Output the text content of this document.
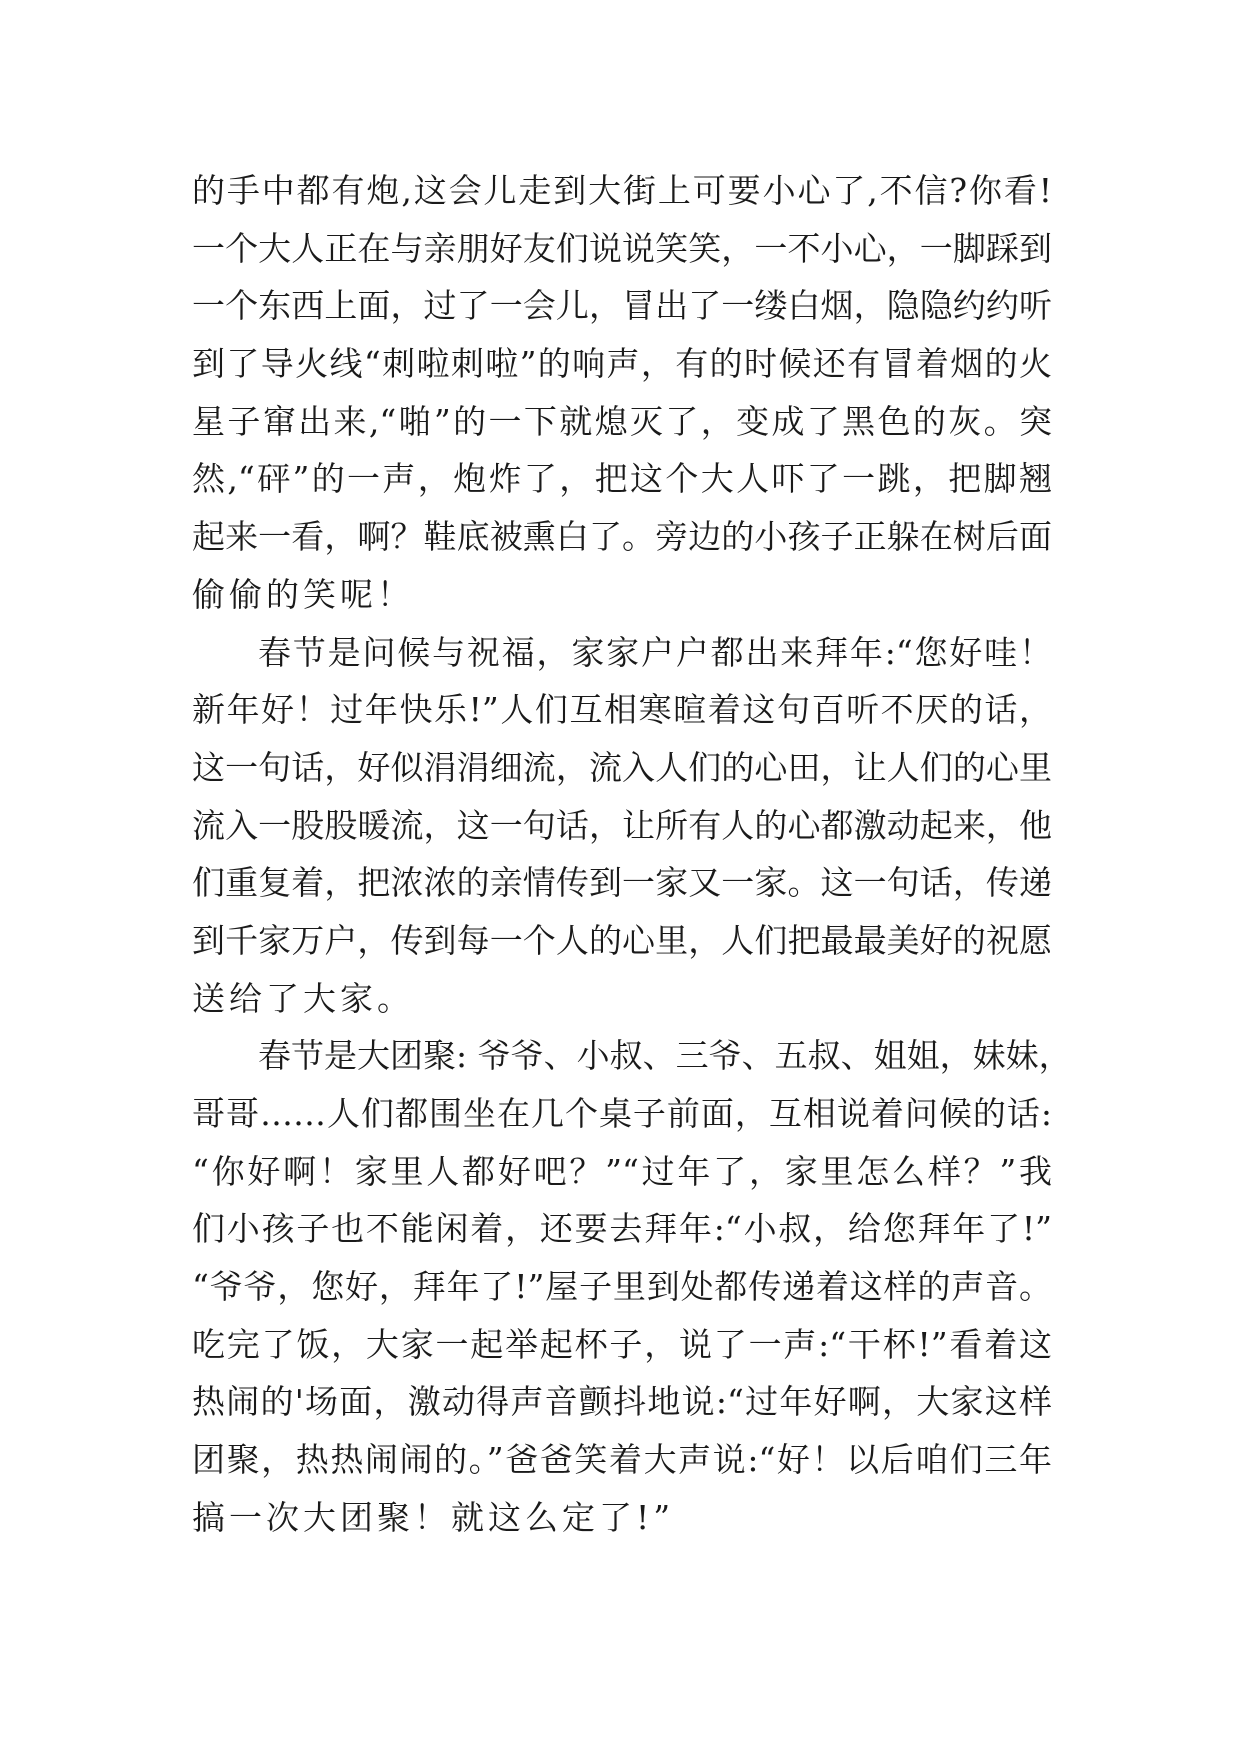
的手中都有炮,这会儿走到大街上可要小心了,不信?你看!
一个大人正在与亲朋好友们说说笑笑，一不小心，一脚踩到
一个东西上面，过了一会儿，冒出了一缕白烟，隐隐约约听
到了导火线“刺啦刺啦”的响声，有的时候还有冒着烟的火
星子窜出来,“啪”的一下就熄灭了，变成了黑色的灰。突
然,“砰”的一声，炮炸了，把这个大人吓了一跳，把脚翘
起来一看，啊？鞋底被熏白了。旁边的小孩子正躲在树后面
偷偷的笑呢！
春节是问候与祝福，家家户户都出来拜年:“您好哇！
新年好！过年快乐!”人们互相寒暄着这句百听不厌的话，
这一句话，好似涓涓细流，流入人们的心田，让人们的心里
流入一股股暖流，这一句话，让所有人的心都激动起来，他
们重复着，把浓浓的亲情传到一家又一家。这一句话，传递
到千家万户，传到每一个人的心里，人们把最最美好的祝愿
送给了大家。
春节是大团聚: 爷爷、小叔、三爷、五叔、姐姐，妹妹，
哥哥……人们都围坐在几个桌子前面，互相说着问候的话:
“你好啊！家里人都好吧？”“过年了，家里怎么样？”我
们小孩子也不能闲着，还要去拜年:“小叔，给您拜年了!”
“爷爷，您好，拜年了!”屋子里到处都传递着这样的声音。
吃完了饭，大家一起举起杯子，说了一声:“干杯!”看着这
热闹的'场面，激动得声音颤抖地说:“过年好啊，大家这样
团聚，热热闹闹的。”爸爸笑着大声说:“好！以后咱们三年
搞一次大团聚！就这么定了!”
